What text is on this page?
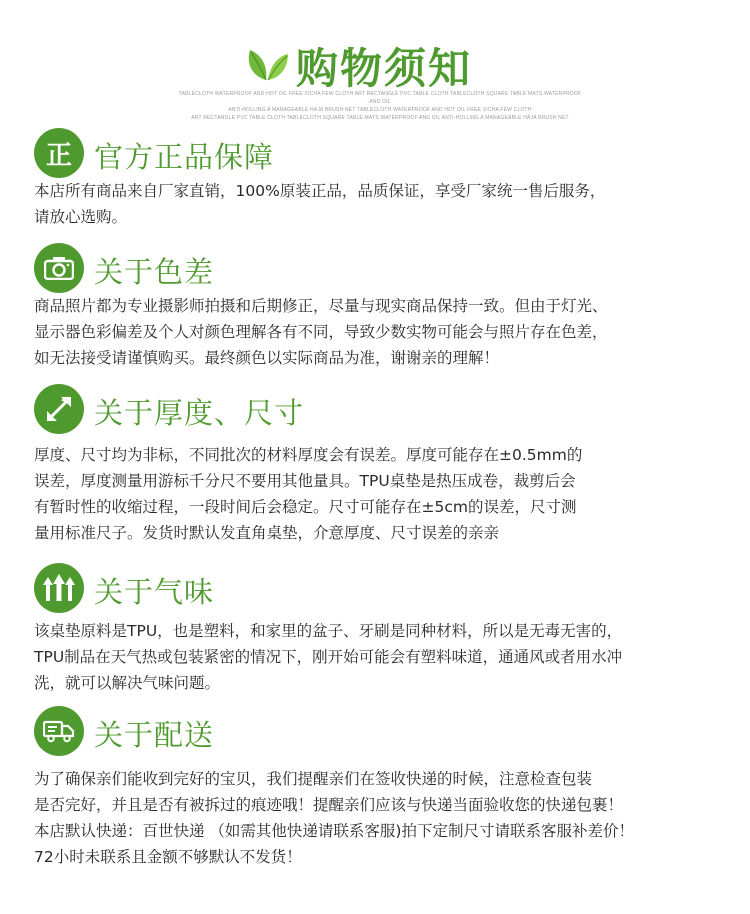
购物须知
TABLECLOTH WATERPROOF AND HOT OIL FREE XICHA FEW CLOTH ART RECTANGLE PVC TABLE CLOTH TABLECLOTH SQUARE TABLE MATS WATERPROOF AND OIL
ANTI-HOLLING A MANAGEABLE HAJA BRUSH NET TABLECLOTH WATERPROOF AND HOT OIL FREE XICHA FEW CLOTH
ART RECTANGLE PVC TABLE CLOTH TABLECLOTH SQUARE TABLE MATS WATERPROOF AND OIL ANTI-HOLLING A MANAGEABLE HAJA BRUSH NET
正 官方正品保障

本店所有商品来自厂家直销，100%原装正品，品质保证，享受厂家统一售后服务，

请放心选购。

关于色差

商品照片都为专业摄影师拍摄和后期修正，尽量与现实商品保持一致。但由于灯光、

显示器色彩偏差及个人对颜色理解各有不同，导致少数实物可能会与照片存在色差，

如无法接受请谨慎购买。最终颜色以实际商品为准，谢谢亲的理解！

关于厚度、尺寸

厚度、尺寸均为非标，不同批次的材料厚度会有误差。厚度可能存在±0.5mm的

误差，厚度测量用游标千分尺不要用其他量具。TPU桌垫是热压成卷，裁剪后会

有暂时性的收缩过程，一段时间后会稳定。尺寸可能存在±5cm的误差，尺寸测

量用标准尺子。发货时默认发直角桌垫，介意厚度、尺寸误差的亲亲

关于气味

该桌垫原料是TPU，也是塑料，和家里的盆子、牙刷是同种材料，所以是无毒无害的，

TPU制品在天气热或包装紧密的情况下，刚开始可能会有塑料味道，通通风或者用水冲

洗，就可以解决气味问题。

关于配送

为了确保亲们能收到完好的宝贝，我们提醒亲们在签收快递的时候，注意检查包装

是否完好，并且是否有被拆过的痕迹哦！提醒亲们应该与快递当面验收您的快递包裹！

本店默认快递：百世快递 （如需其他快递请联系客服)拍下定制尺寸请联系客服补差价！

72小时未联系且金额不够默认不发货！
